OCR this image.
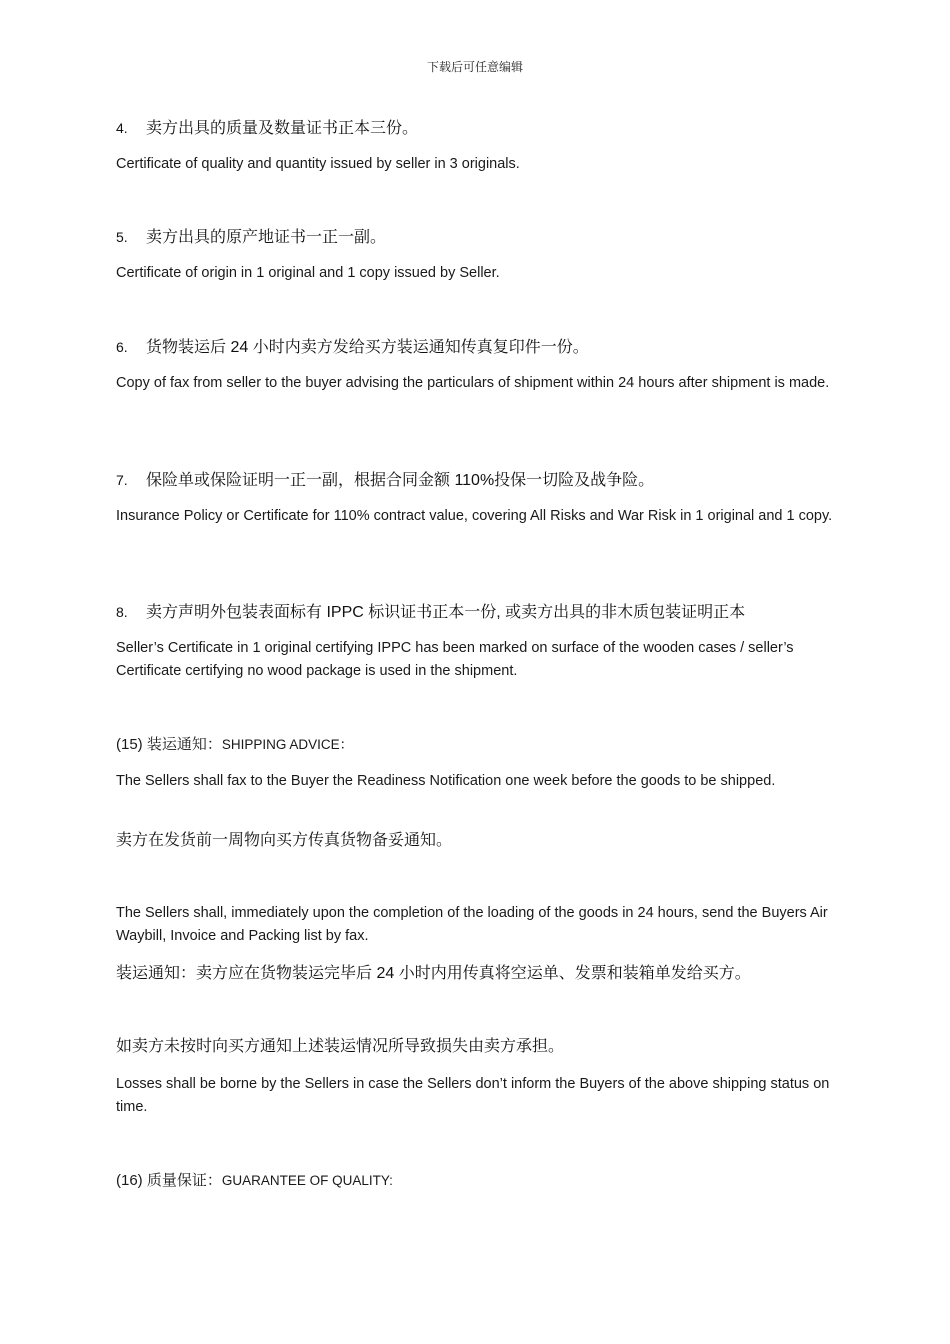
下载后可任意编辑

4. 卖方出具的质量及数量证书正本三份。

Certificate of quality and quantity issued by seller in 3 originals.

5. 卖方出具的原产地证书一正一副。

Certificate of origin in 1 original and 1 copy issued by Seller.

6. 货物装运后 24 小时内卖方发给买方装运通知传真复印件一份。

Copy of fax from seller to the buyer advising the particulars of shipment within 24 hours after shipment is made.

7. 保险单或保险证明一正一副，根据合同金额 110%投保一切险及战争险。

Insurance Policy or Certificate for 110% contract value, covering All Risks and War Risk in 1 original and 1 copy.

8. 卖方声明外包装表面标有 IPPC 标识证书正本一份, 或卖方出具的非木质包装证明正本

Seller’s Certificate in 1 original certifying IPPC has been marked on surface of the wooden cases / seller’s Certificate certifying no wood package is used in the shipment.

(15) 装运通知：SHIPPING ADVICE：

The Sellers shall fax to the Buyer the Readiness Notification one week before the goods to be shipped.

卖方在发货前一周物向买方传真货物备妥通知。

The Sellers shall, immediately upon the completion of the loading of the goods in 24 hours, send the Buyers Air Waybill, Invoice and Packing list by fax.

装运通知：卖方应在货物装运完毕后 24 小时内用传真将空运单、发票和装箱单发给买方。

如卖方未按时向买方通知上述装运情况所导致损失由卖方承担。

Losses shall be borne by the Sellers in case the Sellers don’t inform the Buyers of the above shipping status on time.

(16) 质量保证：GUARANTEE OF QUALITY:
